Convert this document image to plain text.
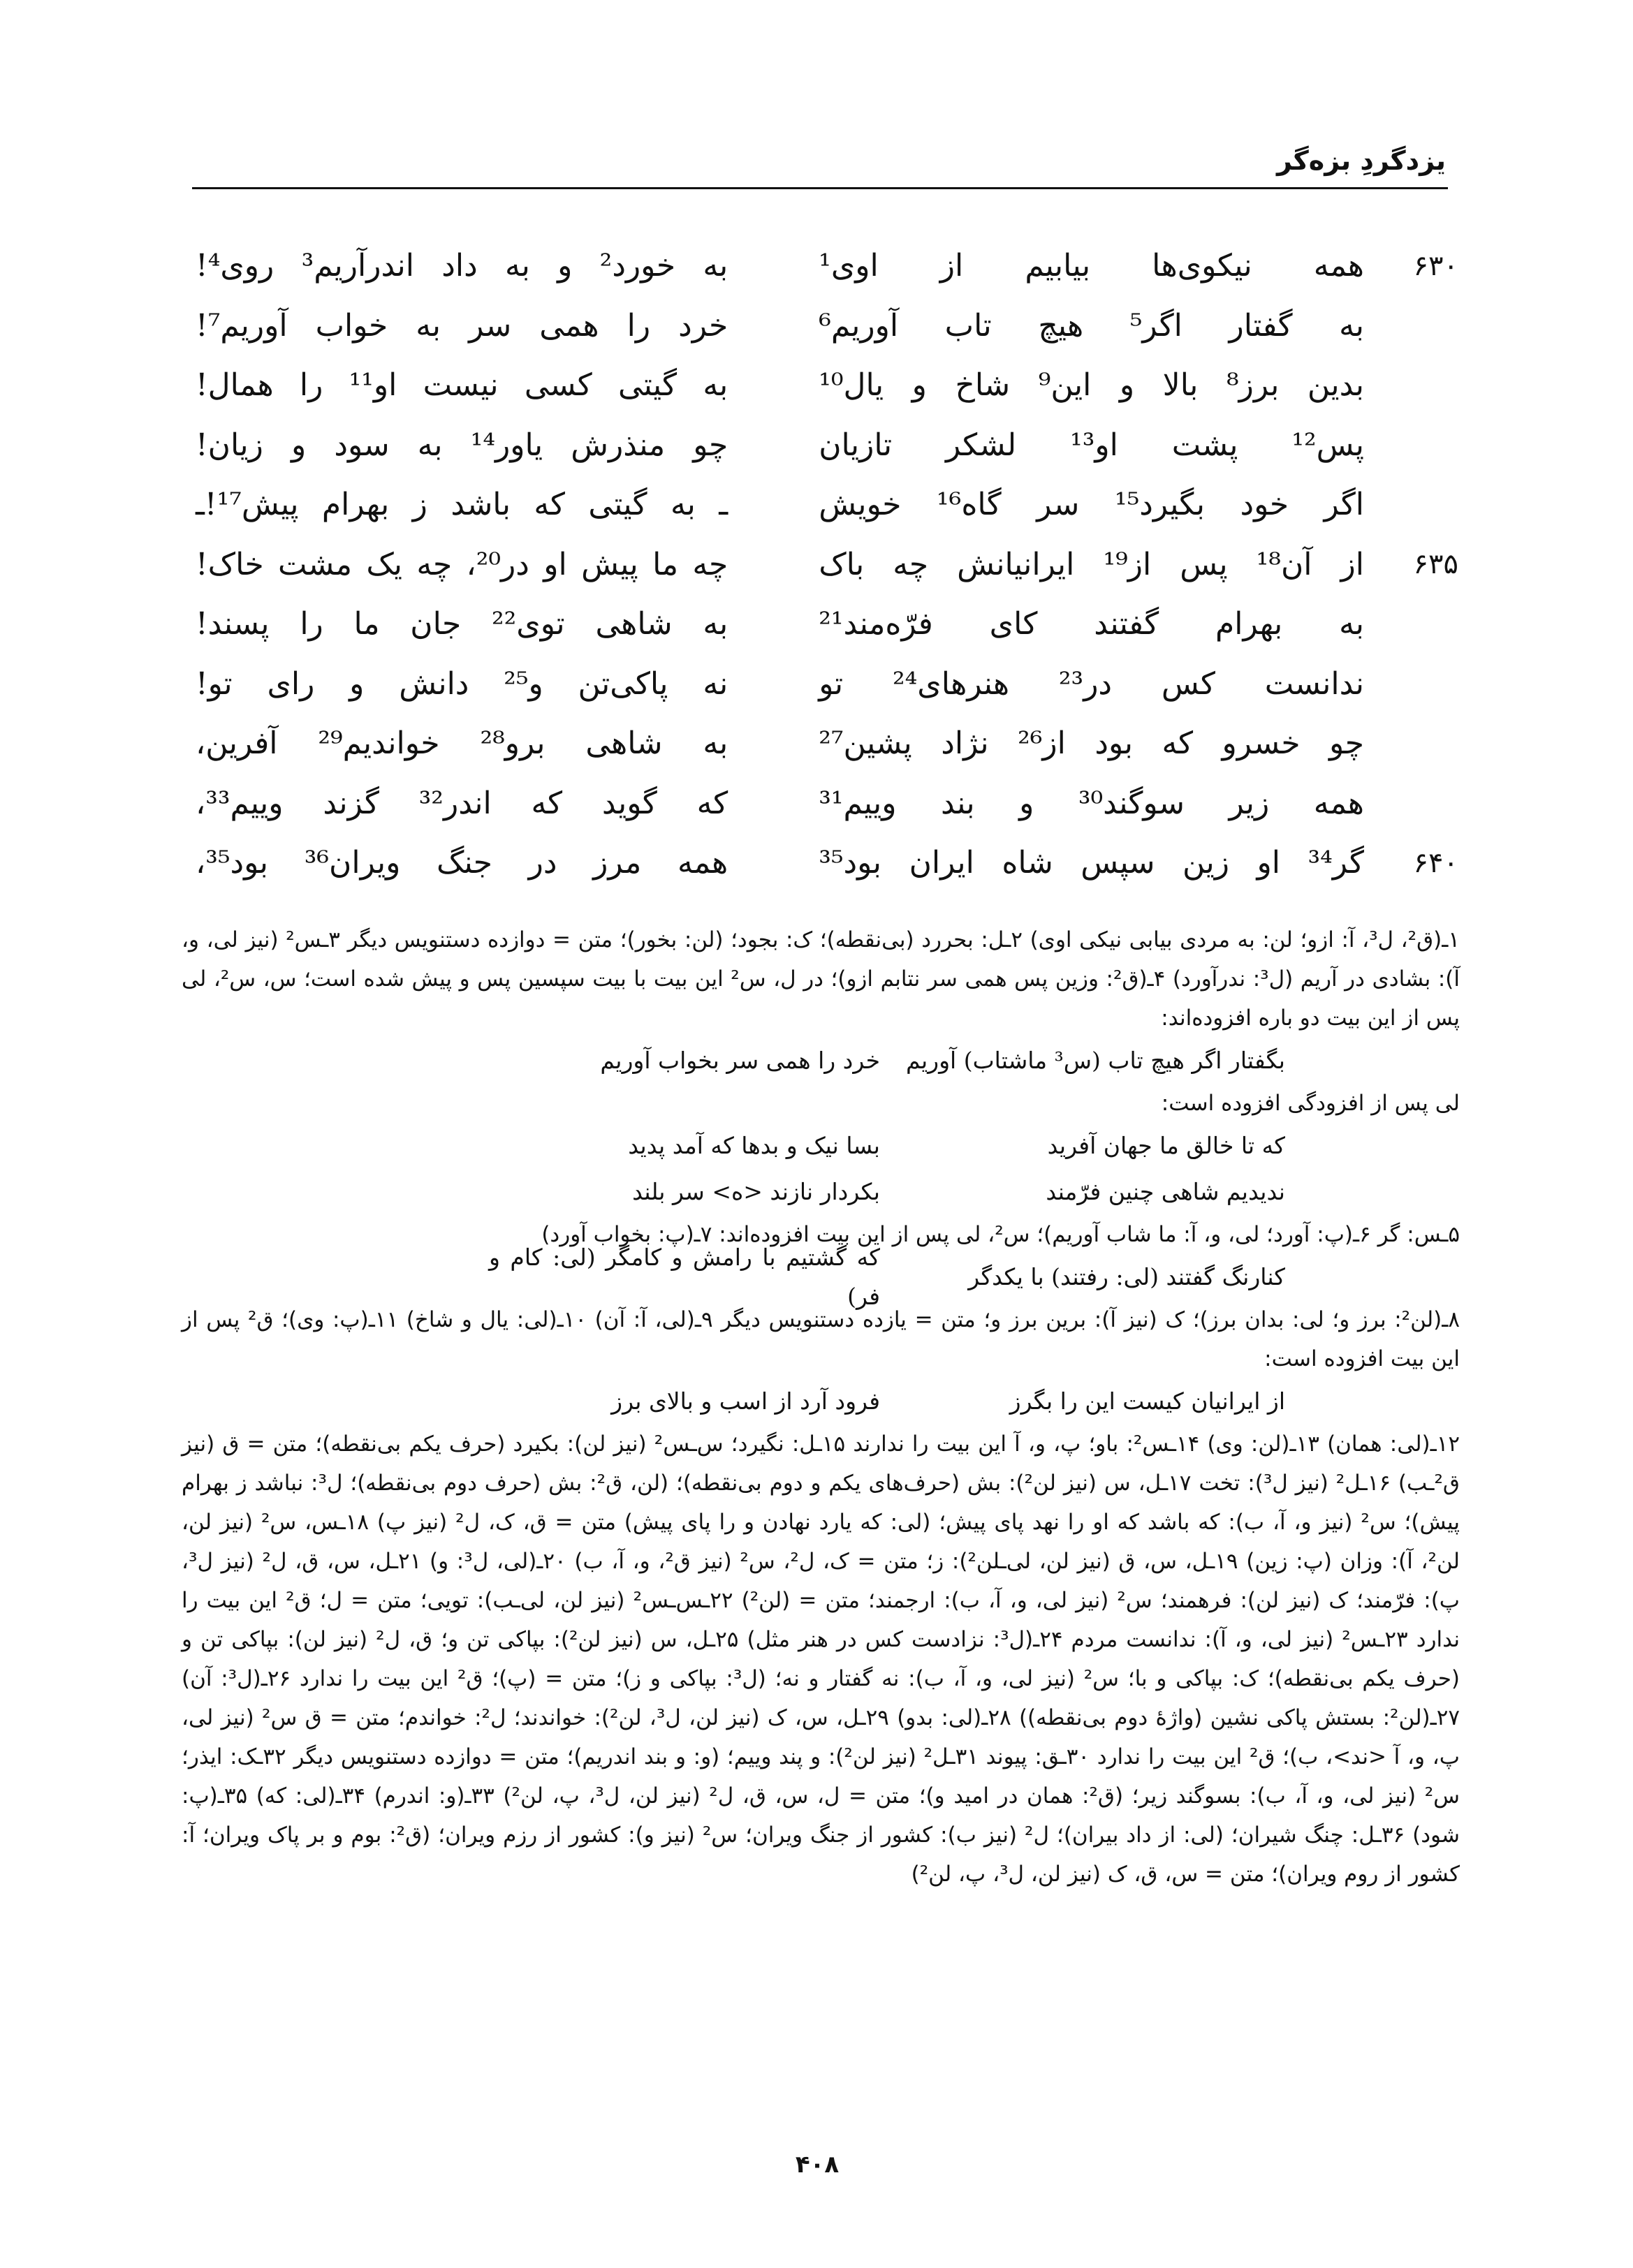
یزدگردِ بزه‌گر
۶۳۰
همه نیکوی‌ها بیابیم از اوی¹
به خورد² و به داد اندرآریم³ روی⁴!
به گفتار اگر⁵ هیچ تاب آوریم⁶
خرد را همی سر به خواب آوریم⁷!
بدین برز⁸ بالا و این⁹ شاخ و یال¹⁰
به گیتی کسی نیست او¹¹ را همال!
پس¹² پشت او¹³ لشکر تازیان
چو منذرش یاور¹⁴ به سود و زیان!
اگر خود بگیرد¹⁵ سر گاه¹⁶ خویش
ـ به گیتی که باشد ز بهرام پیش¹⁷!ـ
۶۳۵
از آن¹⁸ پس از¹⁹ ایرانیانش چه باک
چه ما پیش او در²⁰، چه یک مشت خاک!
به بهرام گفتند کای فرّه‌مند²¹
به شاهی توی²² جان ما را پسند!
ندانست کس در²³ هنرهای²⁴ تو
نه پاکی‌تن و²⁵ دانش و رای تو!
چو خسرو که بود از²⁶ نژاد پشین²⁷
به شاهی برو²⁸ خواندیم²⁹ آفرین،
همه زیر سوگند³⁰ و بند وییم³¹
که گوید که اندر³² گزند وییم³³،
۶۴۰
گر³⁴ او زین سپس شاه ایران بود³⁵
همه مرز در جنگ ویران³⁶ بود³⁵،

۱ـ(ق²، ل³، آ: ازو؛ لن: به مردی بیابی نیکی اوی) ۲ـل: بحررد (بی‌نقطه)؛ ک: بجود؛ (لن: بخور)؛ متن = دوازده دستنویس دیگر ۳ـس² (نیز لی، و، آ): بشادی در آریم (ل³: ندرآورد) ۴ـ(ق²: وزین پس همی سر نتابم ازو)؛ در ل، س² این بیت با بیت سپسین پس و پیش شده است؛ س، س²، لی پس از این بیت دو باره افزوده‌اند:

بگفتار اگر هیچ تاب (س³ ماشتاب) آوریم
خرد را همی سر بخواب آوریم

لی پس از افزودگی افزوده است:

که تا خالق ما جهان آفرید
بسا نیک و بدها که آمد پدید
ندیدیم شاهی چنین فرّمند
بکردار نازند <ه> سر بلند

۵ـس: گر ۶ـ(پ: آورد؛ لی، و، آ: ما شاب آوریم)؛ س²، لی پس از این بیت افزوده‌اند: ۷ـ(پ: بخواب آورد)

کنارنگ گفتند (لی: رفتند) با یکدگر
که گشتیم با رامش و کامگر (لی: کام و فر)

۸ـ(لن²: برز و؛ لی: بدان برز)؛ ک (نیز آ): برین برز و؛ متن = یازده دستنویس دیگر ۹ـ(لی، آ: آن) ۱۰ـ(لی: یال و شاخ) ۱۱ـ(پ: وی)؛ ق² پس از این بیت افزوده است:

از ایرانیان کیست این را بگرز
فرود آرد از اسب و بالای برز

۱۲ـ(لی: همان) ۱۳ـ(لن: وی) ۱۴ـس²: باو؛ پ، و، آ این بیت را ندارند ۱۵ـل: نگیرد؛ س‌ـس² (نیز لن): بکیرد (حرف یکم بی‌نقطه)؛ متن = ق (نیز ق²ـب) ۱۶ـل² (نیز ل³): تخت ۱۷ـل، س (نیز لن²): بش (حرف‌های یکم و دوم بی‌نقطه)؛ (لن، ق²: بش (حرف دوم بی‌نقطه)؛ ل³: نباشد ز بهرام پیش)؛ س² (نیز و، آ، ب): که باشد که او را نهد پای پیش؛ (لی: که یارد نهادن و را پای پیش) متن = ق، ک، ل² (نیز پ) ۱۸ـس، س² (نیز لن، لن²، آ): وزان (پ: زین) ۱۹ـل، س، ق (نیز لن، لی‌ـلن²): ز؛ متن = ک، ل²، س² (نیز ق²، و، آ، ب) ۲۰ـ(لی، ل³: و) ۲۱ـل، س، ق، ل² (نیز ل³، پ): فرّمند؛ ک (نیز لن): فرهمند؛ س² (نیز لی، و، آ، ب): ارجمند؛ متن = (لن²) ۲۲ـس‌ـس² (نیز لن، لی‌ـب): تویی؛ متن = ل؛ ق² این بیت را ندارد ۲۳ـس² (نیز لی، و، آ): ندانست مردم ۲۴ـ(ل³: نزادست کس در هنر مثل) ۲۵ـل، س (نیز لن²): بپاکی تن و؛ ق، ل² (نیز لن): بپاکی تن و (حرف یکم بی‌نقطه)؛ ک: بپاکی و با؛ س² (نیز لی، و، آ، ب): نه گفتار و نه؛ (ل³: بپاکی و ز)؛ متن = (پ)؛ ق² این بیت را ندارد ۲۶ـ(ل³: آن) ۲۷ـ(لن²: بستش پاکی نشین (واژهٔ دوم بی‌نقطه)) ۲۸ـ(لی: بدو) ۲۹ـل، س، ک (نیز لن، ل³، لن²): خواندند؛ ل²: خواندم؛ متن = ق س² (نیز لی، پ، و، آ <ند>، ب)؛ ق² این بیت را ندارد ۳۰ـق: پیوند ۳۱ـل² (نیز لن²): و پند وییم؛ (و: و بند اندریم)؛ متن = دوازده دستنویس دیگر ۳۲ـک: ایذر؛ س² (نیز لی، و، آ، ب): بسوگند زیر؛ (ق²: همان در امید و)؛ متن = ل، س، ق، ل² (نیز لن، ل³، پ، لن²) ۳۳ـ(و: اندرم) ۳۴ـ(لی: که) ۳۵ـ(پ: شود) ۳۶ـل: چنگ شیران؛ (لی: از داد بیران)؛ ل² (نیز ب): کشور از جنگ ویران؛ س² (نیز و): کشور از رزم ویران؛ (ق²: بوم و بر پاک ویران؛ آ: کشور از روم ویران)؛ متن = س، ق، ک (نیز لن، ل³، پ، لن²)

۴۰۸
